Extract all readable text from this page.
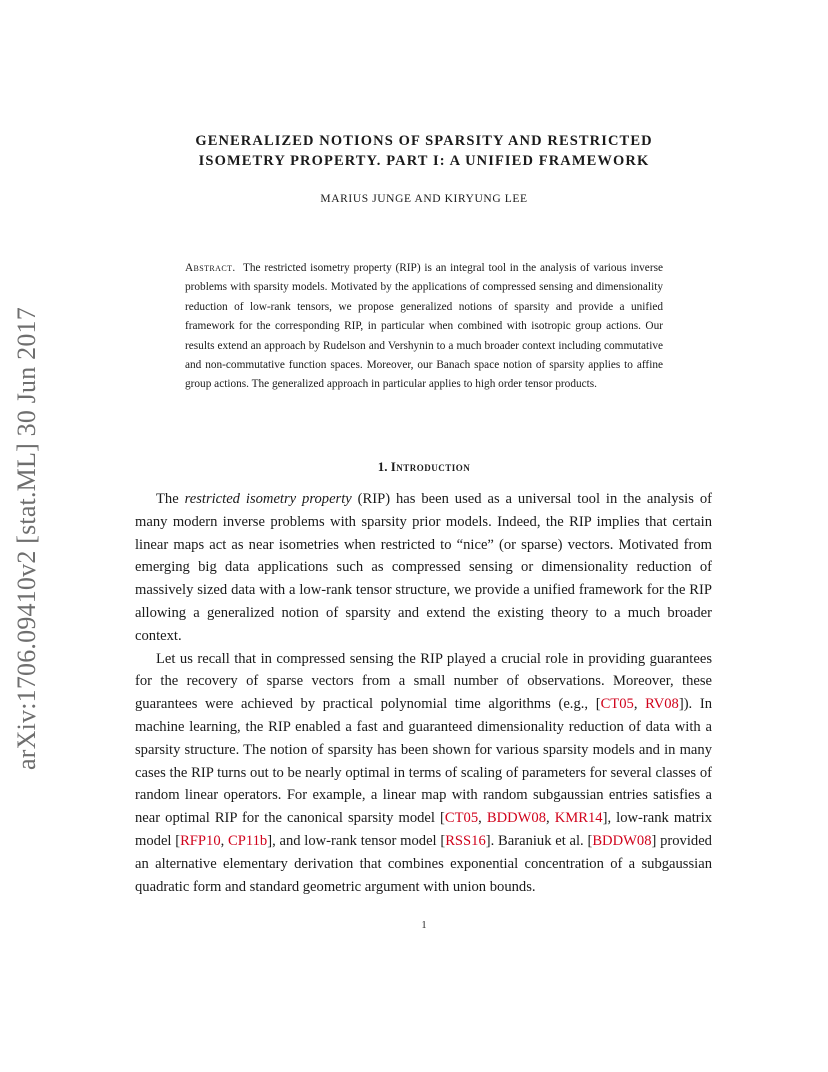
arXiv:1706.09410v2 [stat.ML] 30 Jun 2017
GENERALIZED NOTIONS OF SPARSITY AND RESTRICTED
ISOMETRY PROPERTY. PART I: A UNIFIED FRAMEWORK
MARIUS JUNGE AND KIRYUNG LEE

Abstract. The restricted isometry property (RIP) is an integral tool in the analysis of various inverse problems with sparsity models. Motivated by the applications of compressed sensing and dimensionality reduction of low-rank tensors, we propose generalized notions of sparsity and provide a unified framework for the corresponding RIP, in particular when combined with isotropic group actions. Our results extend an approach by Rudelson and Vershynin to a much broader context including commutative and non-commutative function spaces. Moreover, our Banach space notion of sparsity applies to affine group actions. The generalized approach in particular applies to high order tensor products.

1. Introduction

The restricted isometry property (RIP) has been used as a universal tool in the analysis of many modern inverse problems with sparsity prior models. Indeed, the RIP implies that certain linear maps act as near isometries when restricted to “nice” (or sparse) vectors. Motivated from emerging big data applications such as compressed sensing or dimensionality reduction of massively sized data with a low-rank tensor structure, we provide a unified framework for the RIP allowing a generalized notion of sparsity and extend the existing theory to a much broader context.

Let us recall that in compressed sensing the RIP played a crucial role in providing guarantees for the recovery of sparse vectors from a small number of observations. Moreover, these guarantees were achieved by practical polynomial time algorithms (e.g., [CT05, RV08]). In machine learning, the RIP enabled a fast and guaranteed dimensionality reduction of data with a sparsity structure. The notion of sparsity has been shown for various sparsity models and in many cases the RIP turns out to be nearly optimal in terms of scaling of parameters for several classes of random linear operators. For example, a linear map with random subgaussian entries satisfies a near optimal RIP for the canonical sparsity model [CT05, BDDW08, KMR14], low-rank matrix model [RFP10, CP11b], and low-rank tensor model [RSS16]. Baraniuk et al. [BDDW08] provided an alternative elementary derivation that combines exponential concentration of a subgaussian quadratic form and standard geometric argument with union bounds.

1
